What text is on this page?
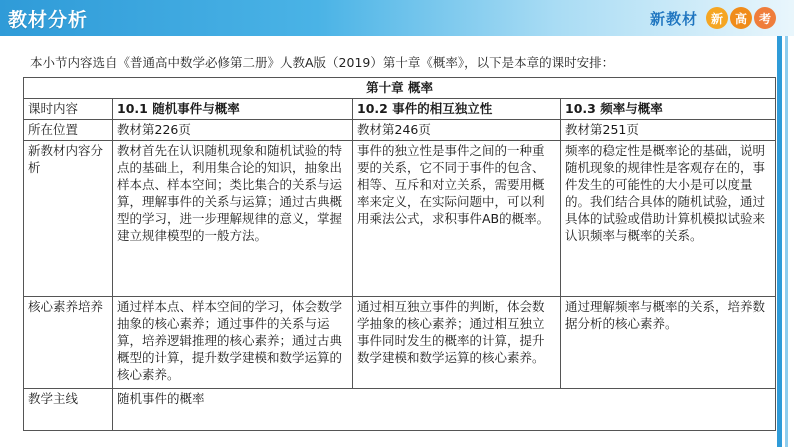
教材分析	新教材	新 高 考
本小节内容选自《普通高中数学必修第二册》人教A版（2019）第十章《概率》，以下是本章的课时安排：
第十章 概率			
课时内容	10.1 随机事件与概率	10.2 事件的相互独立性	10.3 频率与概率
所在位置	教材第226页	教材第246页	教材第251页
新教材内容分析	教材首先在认识随机现象和随机试验的特点的基础上，利用集合论的知识，抽象出样本点、样本空间；类比集合的关系与运算，理解事件的关系与运算；通过古典概型的学习，进一步理解规律的意义，掌握建立规律模型的一般方法。	事件的独立性是事件之间的一种重要的关系，它不同于事件的包含、相等、互斥和对立关系，需要用概率来定义，在实际问题中，可以利用乘法公式，求积事件AB的概率。	频率的稳定性是概率论的基础，说明随机现象的规律性是客观存在的，事件发生的可能性的大小是可以度量的。我们结合具体的随机试验，通过具体的试验或借助计算机模拟试验来认识频率与概率的关系。
核心素养培养	通过样本点、样本空间的学习，体会数学抽象的核心素养；通过事件的关系与运算，培养逻辑推理的核心素养；通过古典概型的计算，提升数学建模和数学运算的核心素养。	通过相互独立事件的判断，体会数学抽象的核心素养；通过相互独立事件同时发生的概率的计算，提升数学建模和数学运算的核心素养。	通过理解频率与概率的关系，培养数据分析的核心素养。
教学主线	随机事件的概率		
